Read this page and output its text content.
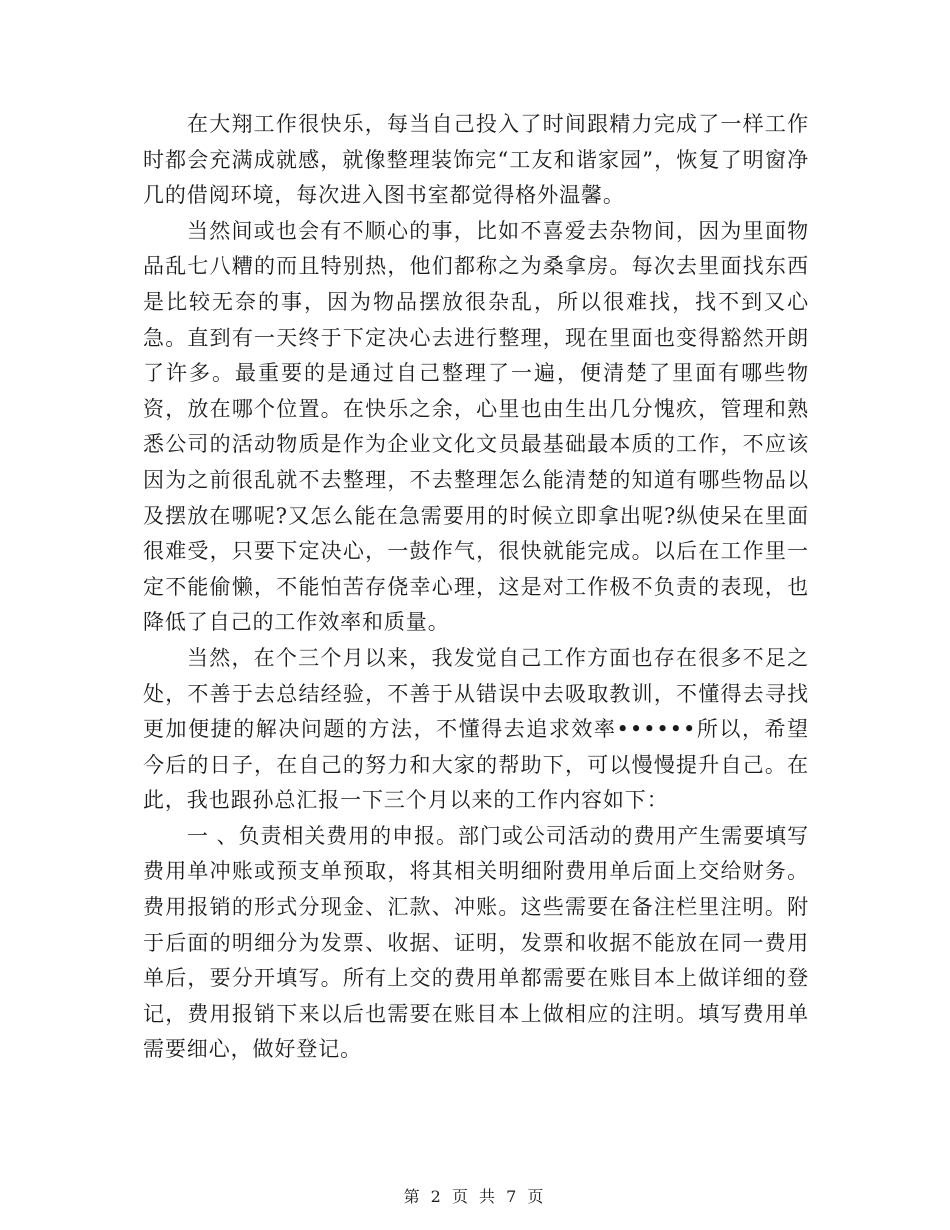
在大翔工作很快乐，每当自己投入了时间跟精力完成了一样工作时都会充满成就感，就像整理装饰完“工友和谐家园”，恢复了明窗净几的借阅环境，每次进入图书室都觉得格外温馨。

当然间或也会有不顺心的事，比如不喜爱去杂物间，因为里面物品乱七八糟的而且特别热，他们都称之为桑拿房。每次去里面找东西是比较无奈的事，因为物品摆放很杂乱，所以很难找，找不到又心急。直到有一天终于下定决心去进行整理，现在里面也变得豁然开朗了许多。最重要的是通过自己整理了一遍，便清楚了里面有哪些物资，放在哪个位置。在快乐之余，心里也由生出几分愧疚，管理和熟悉公司的活动物质是作为企业文化文员最基础最本质的工作，不应该因为之前很乱就不去整理，不去整理怎么能清楚的知道有哪些物品以及摆放在哪呢?又怎么能在急需要用的时候立即拿出呢?纵使呆在里面很难受，只要下定决心，一鼓作气，很快就能完成。以后在工作里一定不能偷懒，不能怕苦存侥幸心理，这是对工作极不负责的表现，也降低了自己的工作效率和质量。

当然，在个三个月以来，我发觉自己工作方面也存在很多不足之处，不善于去总结经验，不善于从错误中去吸取教训，不懂得去寻找更加便捷的解决问题的方法，不懂得去追求效率••••••所以，希望今后的日子，在自己的努力和大家的帮助下，可以慢慢提升自己。在此，我也跟孙总汇报一下三个月以来的工作内容如下：

一 、负责相关费用的申报。部门或公司活动的费用产生需要填写费用单冲账或预支单预取，将其相关明细附费用单后面上交给财务。费用报销的形式分现金、汇款、冲账。这些需要在备注栏里注明。附于后面的明细分为发票、收据、证明，发票和收据不能放在同一费用单后，要分开填写。所有上交的费用单都需要在账目本上做详细的登记，费用报销下来以后也需要在账目本上做相应的注明。填写费用单需要细心，做好登记。

第 2 页 共 7 页
